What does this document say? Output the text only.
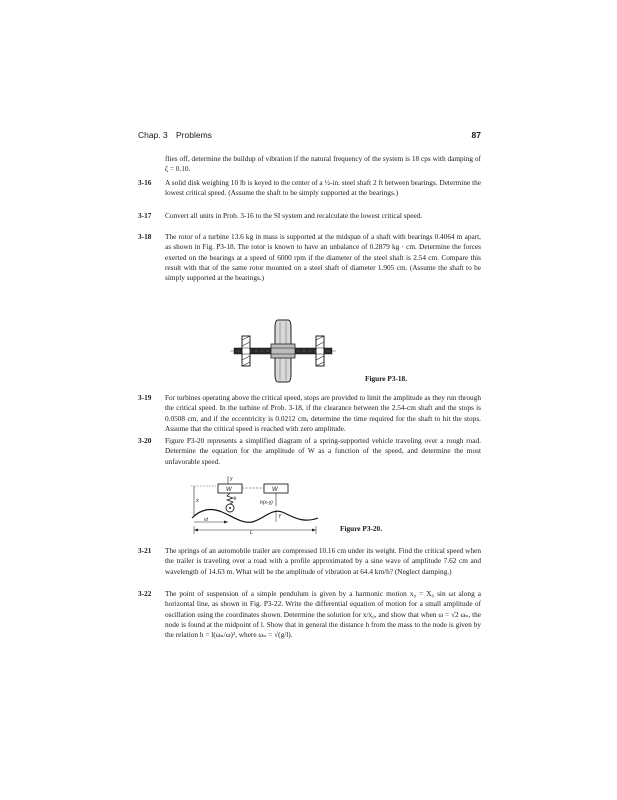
Chap. 3 Problems	87
flies off, determine the buildup of vibration if the natural frequency of the system is 18 cps with damping of ζ = 0.10.
3-16 A solid disk weighing 10 lb is keyed to the center of a ½-in. steel shaft 2 ft between bearings. Determine the lowest critical speed. (Assume the shaft to be simply supported at the bearings.)
3-17 Convert all units in Prob. 3-16 to the SI system and recalculate the lowest critical speed.
3-18 The rotor of a turbine 13.6 kg in mass is supported at the midspan of a shaft with bearings 0.4064 m apart, as shown in Fig. P3-18. The rotor is known to have an unbalance of 0.2879 kg · cm. Determine the forces exerted on the bearings at a speed of 6000 rpm if the diameter of the steel shaft is 2.54 cm. Compare this result with that of the same rotor mounted on a steel shaft of diameter 1.905 cm. (Assume the shaft to be simply supported at the bearings.)
Figure P3-18.
3-19 For turbines operating above the critical speed, stops are provided to limit the amplitude as they run through the critical speed. In the turbine of Prob. 3-18, if the clearance between the 2.54-cm shaft and the stops is 0.0508 cm, and if the eccentricity is 0.0212 cm, determine the time required for the shaft to hit the stops. Assume that the critical speed is reached with zero amplitude.
3-20 Figure P3-20 represents a simplified diagram of a spring-supported vehicle traveling over a rough road. Determine the equation for the amplitude of W as a function of the speed, and determine the most unfavorable speed.
y
W	W
x	k
h(x-y)
Y
vt
L	Figure P3-20.
3-21 The springs of an automobile trailer are compressed 10.16 cm under its weight. Find the critical speed when the trailer is traveling over a road with a profile approximated by a sine wave of amplitude 7.62 cm and wavelength of 14.63 m. What will be the amplitude of vibration at 64.4 km/h? (Neglect damping.)
3-22 The point of suspension of a simple pendulum is given by a harmonic motion x₀ = X₀ sin ωt along a horizontal line, as shown in Fig. P3-22. Write the differential equation of motion for a small amplitude of oscillation using the coordinates shown. Determine the solution for x/x₀, and show that when ω = √2 ωₙ, the node is found at the midpoint of l. Show that in general the distance h from the mass to the node is given by the relation h = l(ωₙ/ω)², where ωₙ = √(g/l).
